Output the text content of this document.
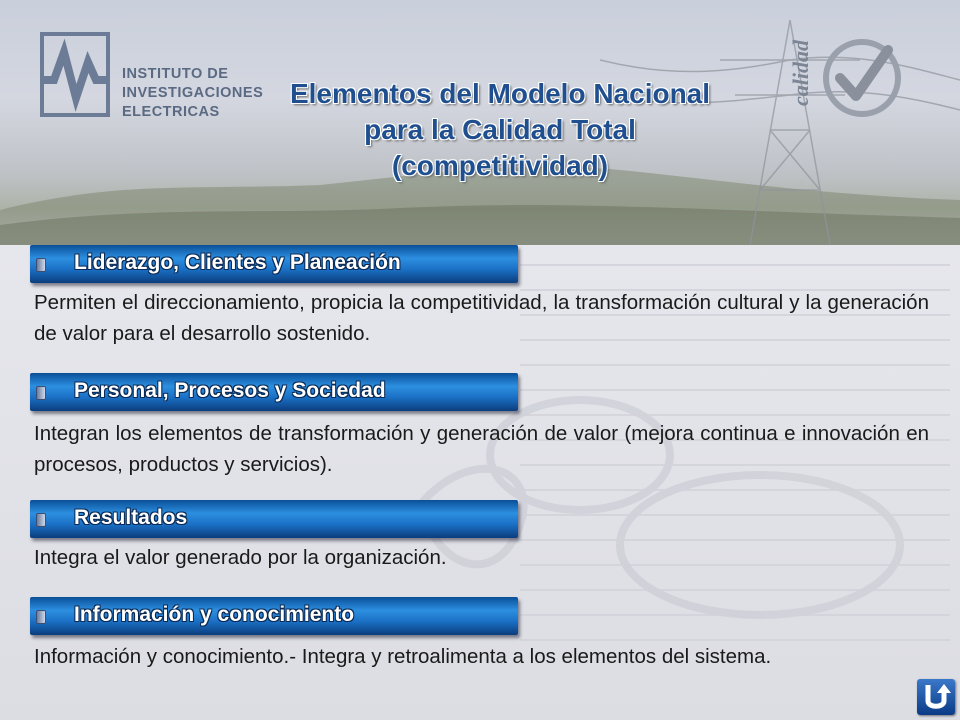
INSTITUTO DE
INVESTIGACIONES
ELECTRICAS
calidad
Elementos del Modelo Nacional
para la Calidad Total
(competitividad)
Liderazgo, Clientes y Planeación
Permiten el direccionamiento, propicia la competitividad, la transformación cultural y la generación de valor para el desarrollo sostenido.
Personal, Procesos y Sociedad
Integran los elementos de transformación y generación de valor (mejora continua e innovación en procesos, productos y servicios).
Resultados
Integra el valor generado por la organización.
Información y conocimiento
Información y conocimiento.- Integra y retroalimenta a los elementos del sistema.
